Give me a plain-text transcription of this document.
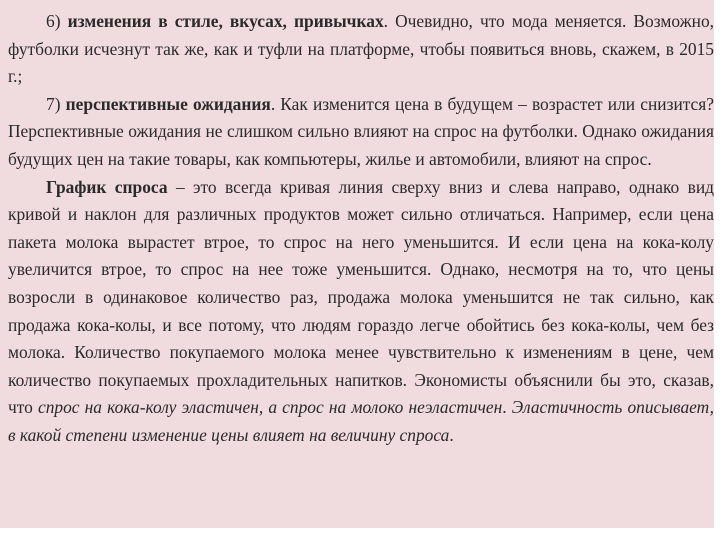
6) изменения в стиле, вкусах, привычках. Очевидно, что мода меняется. Возможно, футболки исчезнут так же, как и туфли на платформе, чтобы появиться вновь, скажем, в 2015 г.;

7) перспективные ожидания. Как изменится цена в будущем – возрастет или снизится? Перспективные ожидания не слишком сильно влияют на спрос на футболки. Однако ожидания будущих цен на такие товары, как компьютеры, жилье и автомобили, влияют на спрос.

График спроса – это всегда кривая линия сверху вниз и слева направо, однако вид кривой и наклон для различных продуктов может сильно отличаться. Например, если цена пакета молока вырастет втрое, то спрос на него уменьшится. И если цена на кока-колу увеличится втрое, то спрос на нее тоже уменьшится. Однако, несмотря на то, что цены возросли в одинаковое количество раз, продажа молока уменьшится не так сильно, как продажа кока-колы, и все потому, что людям гораздо легче обойтись без кока-колы, чем без молока. Количество покупаемого молока менее чувствительно к изменениям в цене, чем количество покупаемых прохладительных напитков. Экономисты объяснили бы это, сказав, что спрос на кока-колу эластичен, а спрос на молоко неэластичен. Эластичность описывает, в какой степени изменение цены влияет на величину спроса.
